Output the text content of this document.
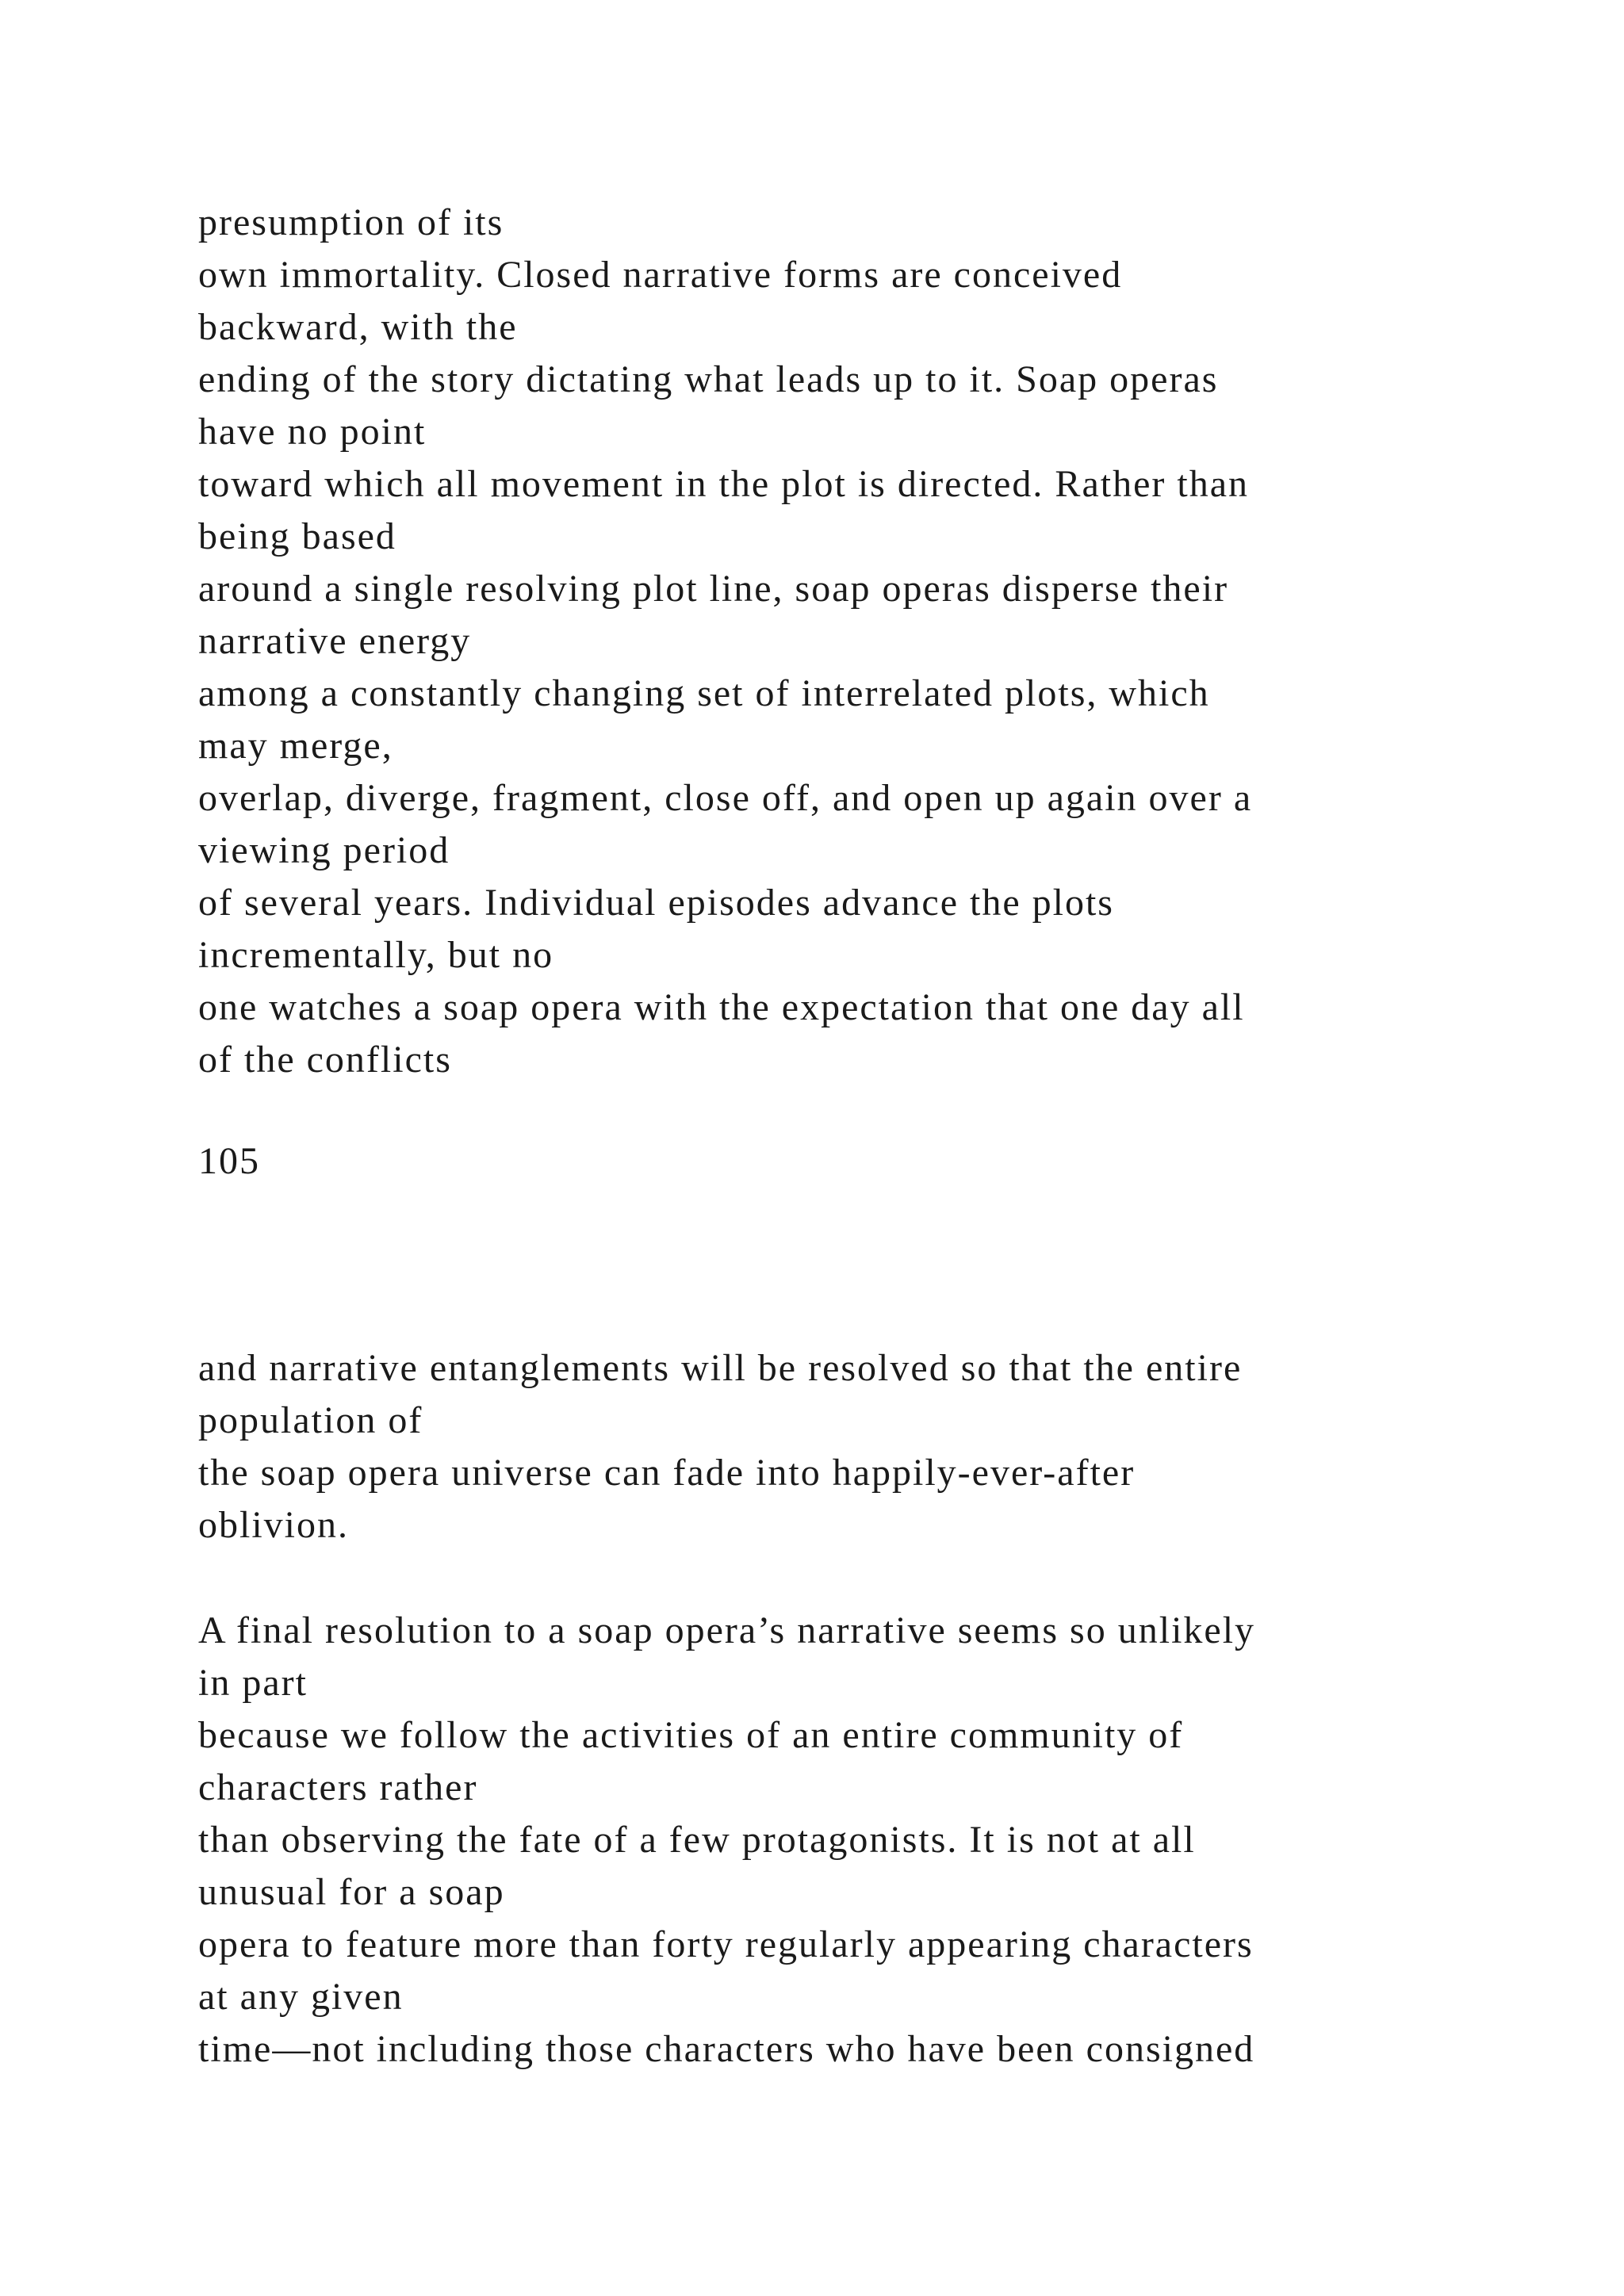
presumption of its
own immortality. Closed narrative forms are conceived
backward, with the
ending of the story dictating what leads up to it. Soap operas
have no point
toward which all movement in the plot is directed. Rather than
being based
around a single resolving plot line, soap operas disperse their
narrative energy
among a constantly changing set of interrelated plots, which
may merge,
overlap, diverge, fragment, close off, and open up again over a
viewing period
of several years. Individual episodes advance the plots
incrementally, but no
one watches a soap opera with the expectation that one day all
of the conflicts
105
and narrative entanglements will be resolved so that the entire
population of
the soap opera universe can fade into happily-ever-after
oblivion.
A final resolution to a soap opera’s narrative seems so unlikely
in part
because we follow the activities of an entire community of
characters rather
than observing the fate of a few protagonists. It is not at all
unusual for a soap
opera to feature more than forty regularly appearing characters
at any given
time—not including those characters who have been consigned
